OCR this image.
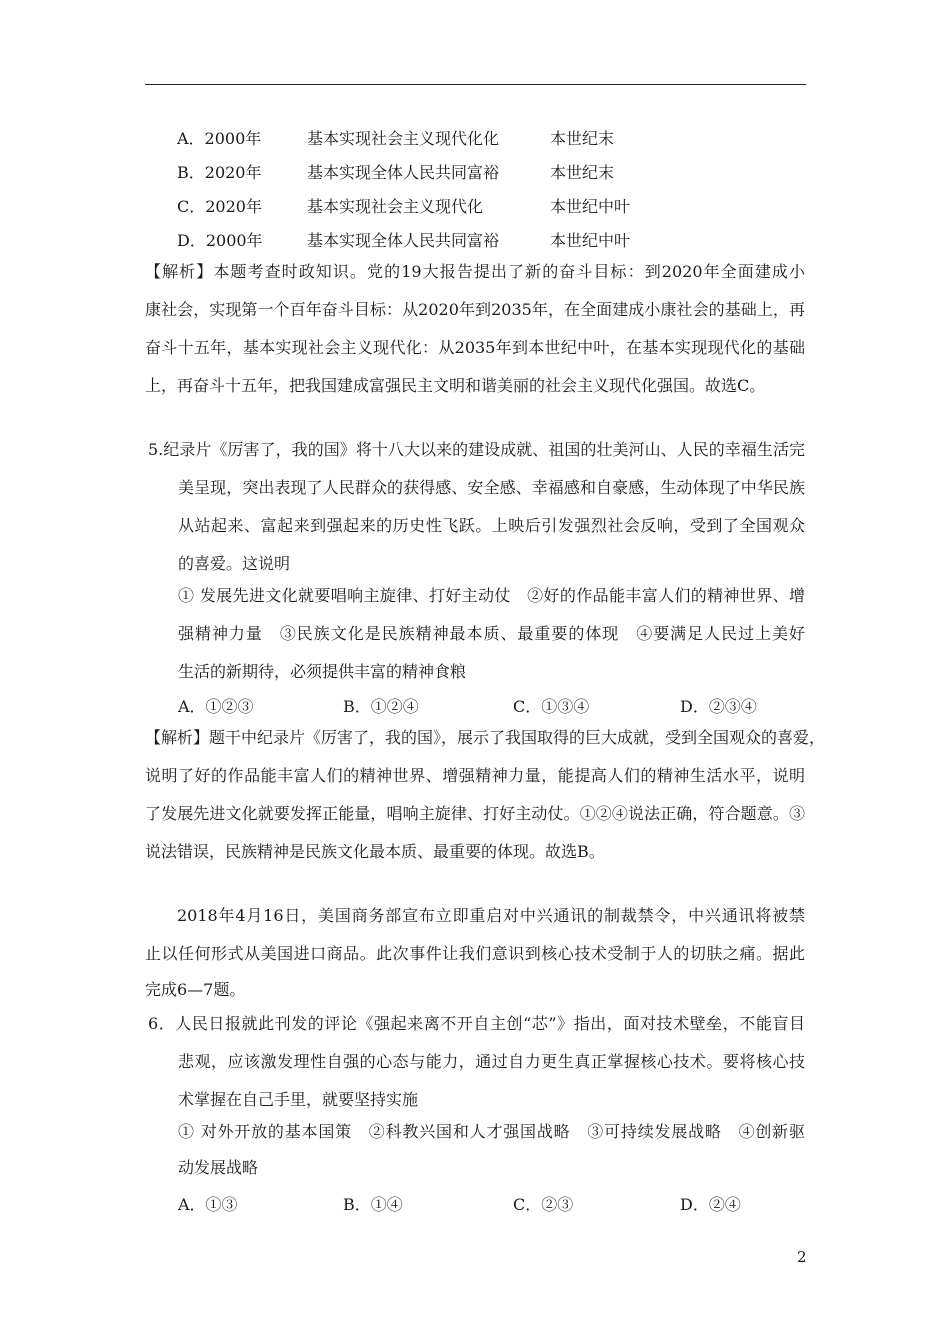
A．2000年	基本实现社会主义现代化化	本世纪末
B．2020年	基本实现全体人民共同富裕	本世纪末
C．2020年	基本实现社会主义现代化	本世纪中叶
D．2000年	基本实现全体人民共同富裕	本世纪中叶
【解析】本题考查时政知识。党的19大报告提出了新的奋斗目标：到2020年全面建成小
康社会，实现第一个百年奋斗目标：从2020年到2035年，在全面建成小康社会的基础上，再
奋斗十五年，基本实现社会主义现代化：从2035年到本世纪中叶，在基本实现现代化的基础
上，再奋斗十五年，把我国建成富强民主文明和谐美丽的社会主义现代化强国。故选C。
5.纪录片《厉害了，我的国》将十八大以来的建设成就、祖国的壮美河山、人民的幸福生活完
美呈现，突出表现了人民群众的获得感、安全感、幸福感和自豪感，生动体现了中华民族
从站起来、富起来到强起来的历史性飞跃。上映后引发强烈社会反响，受到了全国观众
的喜爱。这说明
① 发展先进文化就要唱响主旋律、打好主动仗　②好的作品能丰富人们的精神世界、增
强精神力量　③民族文化是民族精神最本质、最重要的体现　④要满足人民过上美好
生活的新期待，必须提供丰富的精神食粮
A．①②③	B．①②④	C．①③④	D．②③④
【解析】题干中纪录片《厉害了，我的国》，展示了我国取得的巨大成就，受到全国观众的喜爱，
说明了好的作品能丰富人们的精神世界、增强精神力量，能提高人们的精神生活水平，说明
了发展先进文化就要发挥正能量，唱响主旋律、打好主动仗。①②④说法正确，符合题意。③
说法错误，民族精神是民族文化最本质、最重要的体现。故选B。
2018年4月16日，美国商务部宣布立即重启对中兴通讯的制裁禁令，中兴通讯将被禁
止以任何形式从美国进口商品。此次事件让我们意识到核心技术受制于人的切肤之痛。据此
完成6—7题。
6．人民日报就此刊发的评论《强起来离不开自主创“芯”》指出，面对技术壁垒，不能盲目
悲观，应该激发理性自强的心态与能力，通过自力更生真正掌握核心技术。要将核心技
术掌握在自己手里，就要坚持实施
① 对外开放的基本国策　②科教兴国和人才强国战略　③可持续发展战略　④创新驱
动发展战略
A．①③	B．①④	C．②③	D．②④
2
